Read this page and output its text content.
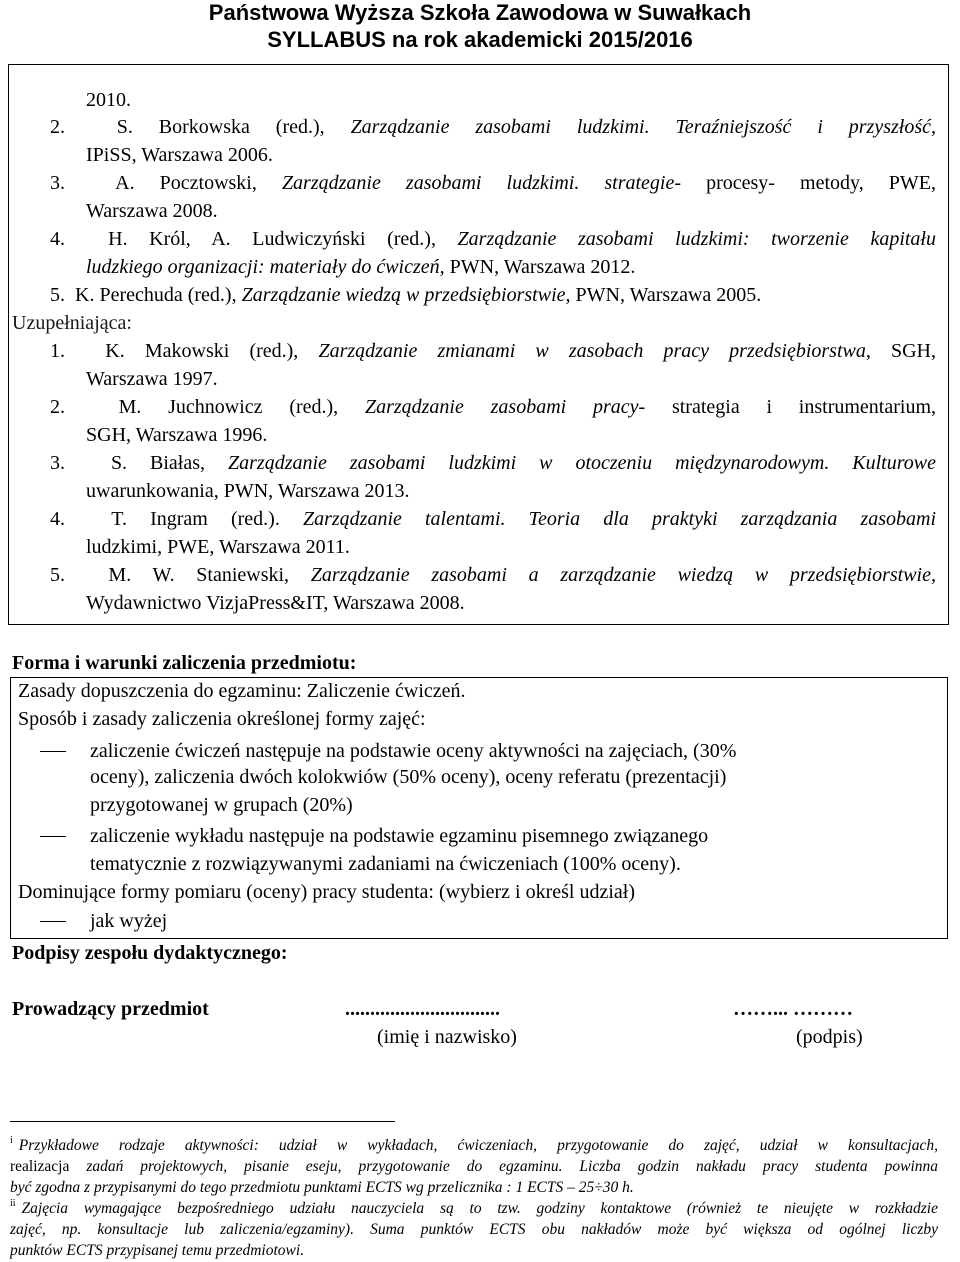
Państwowa Wyższa Szkoła Zawodowa w Suwałkach
SYLLABUS na rok akademicki 2015/2016
2010.
2.	S. Borkowska (red.), Zarządzanie zasobami ludzkimi. Teraźniejszość i przyszłość,
IPiSS, Warszawa 2006.
3.	A. Pocztowski, Zarządzanie zasobami ludzkimi. strategie- procesy- metody, PWE,
Warszawa 2008.
4. H. Król, A. Ludwiczyński (red.), Zarządzanie zasobami ludzkimi: tworzenie kapitału
ludzkiego organizacji: materiały do ćwiczeń, PWN, Warszawa 2012.
5. K. Perechuda (red.), Zarządzanie wiedzą w przedsiębiorstwie, PWN, Warszawa 2005.
Uzupełniająca:
1. K. Makowski (red.), Zarządzanie zmianami w zasobach pracy przedsiębiorstwa, SGH,
Warszawa 1997.
2.	M. Juchnowicz (red.), Zarządzanie zasobami pracy- strategia i instrumentarium,
SGH, Warszawa 1996.
3. S. Białas, Zarządzanie zasobami ludzkimi w otoczeniu międzynarodowym. Kulturowe
uwarunkowania, PWN, Warszawa 2013.
4. T. Ingram (red.). Zarządzanie talentami. Teoria dla praktyki zarządzania zasobami
ludzkimi, PWE, Warszawa 2011.
5. M. W. Staniewski, Zarządzanie zasobami a zarządzanie wiedzą w przedsiębiorstwie,
Wydawnictwo VizjaPress&IT, Warszawa 2008.
Forma i warunki zaliczenia przedmiotu:
Zasady dopuszczenia do egzaminu: Zaliczenie ćwiczeń.
Sposób i zasady zaliczenia określonej formy zajęć:
zaliczenie ćwiczeń następuje na podstawie oceny aktywności na zajęciach, (30%
oceny), zaliczenia dwóch kolokwiów (50% oceny), oceny referatu (prezentacji)
przygotowanej w grupach (20%)
zaliczenie wykładu następuje na podstawie egzaminu pisemnego związanego
tematycznie z rozwiązywanymi zadaniami na ćwiczeniach (100% oceny).
Dominujące formy pomiaru (oceny) pracy studenta: (wybierz i określ udział)
jak wyżej
Podpisy zespołu dydaktycznego:
Prowadzący przedmiot	...............................	……... ………
(imię i nazwisko)	(podpis)
$^i$ Przykładowe rodzaje aktywności: udział w wykładach, ćwiczeniach, przygotowanie do zajęć, udział w konsultacjach,
realizacja zadań projektowych, pisanie eseju, przygotowanie do egzaminu. Liczba godzin nakładu pracy studenta powinna
być zgodna z przypisanymi do tego przedmiotu punktami ECTS wg przelicznika : 1 ECTS – 25÷30 h.
$^{ii}$ Zajęcia wymagające bezpośredniego udziału nauczyciela są to tzw. godziny kontaktowe (również te nieujęte w rozkładzie
zajęć, np. konsultacje lub zaliczenia/egzaminy). Suma punktów ECTS obu nakładów może być większa od ogólnej liczby
punktów ECTS przypisanej temu przedmiotowi.
